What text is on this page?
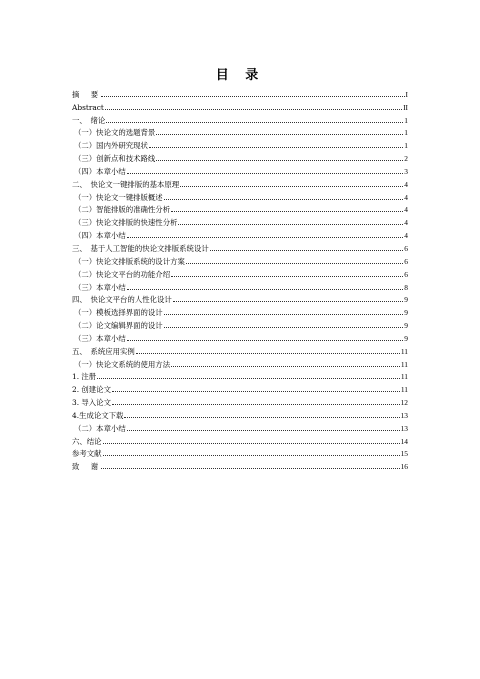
目 录
摘　要	I
Abstract	II
一、　绪论	1
（一）快论文的选题背景	1
（二）国内外研究现状	1
（三）创新点和技术路线	2
（四）本章小结	3
二、　快论文一键排版的基本原理	4
（一）快论文一键排版概述	4
（二）智能排版的准确性分析	4
（三）快论文排版的快速性分析	4
（四）本章小结	4
三、　基于人工智能的快论文排版系统设计	6
（一）快论文排版系统的设计方案	6
（二）快论文平台的功能介绍	6
（三）本章小结	8
四、　快论文平台的人性化设计	9
（一）模板选择界面的设计	9
（二）论文编辑界面的设计	9
（三）本章小结	9
五、　系统应用实例	11
（一）快论文系统的使用方法	11
1. 注册	11
2. 创建论文	11
3. 导入论文	12
4.生成论文下载	13
（二）本章小结	13
六、结论	14
参考文献	15
致　谢	16
